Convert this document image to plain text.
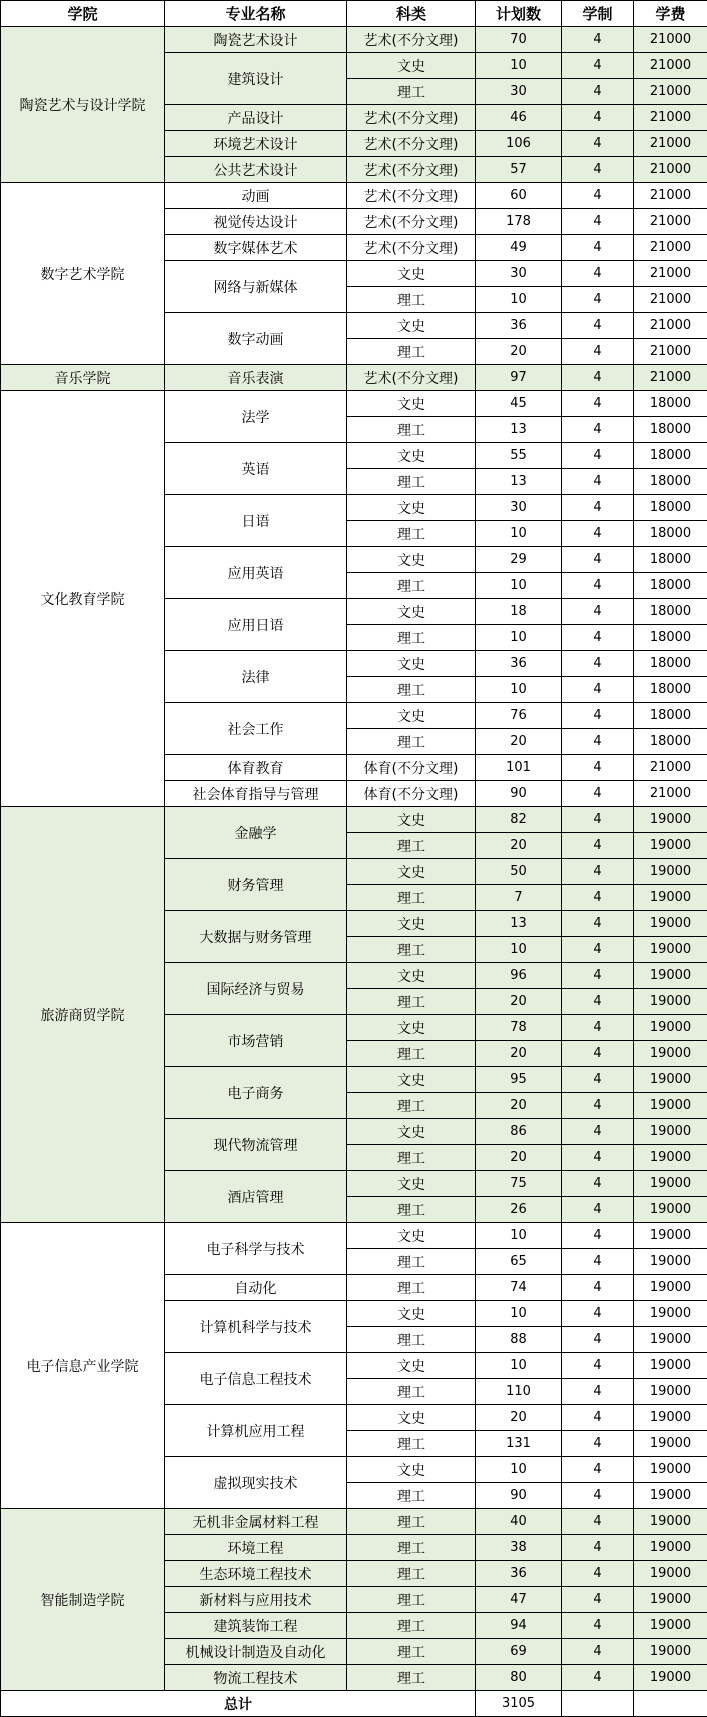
学院	专业名称	科类	计划数	学制	学费
陶瓷艺术与设计学院	陶瓷艺术设计	艺术(不分文理)	70	4	21000
	建筑设计	文史	10	4	21000
		理工	30	4	21000
	产品设计	艺术(不分文理)	46	4	21000
	环境艺术设计	艺术(不分文理)	106	4	21000
	公共艺术设计	艺术(不分文理)	57	4	21000
数字艺术学院	动画	艺术(不分文理)	60	4	21000
	视觉传达设计	艺术(不分文理)	178	4	21000
	数字媒体艺术	艺术(不分文理)	49	4	21000
	网络与新媒体	文史	30	4	21000
		理工	10	4	21000
	数字动画	文史	36	4	21000
		理工	20	4	21000
音乐学院	音乐表演	艺术(不分文理)	97	4	21000
文化教育学院	法学	文史	45	4	18000
		理工	13	4	18000
	英语	文史	55	4	18000
		理工	13	4	18000
	日语	文史	30	4	18000
		理工	10	4	18000
	应用英语	文史	29	4	18000
		理工	10	4	18000
	应用日语	文史	18	4	18000
		理工	10	4	18000
	法律	文史	36	4	18000
		理工	10	4	18000
	社会工作	文史	76	4	18000
		理工	20	4	18000
	体育教育	体育(不分文理)	101	4	21000
	社会体育指导与管理	体育(不分文理)	90	4	21000
旅游商贸学院	金融学	文史	82	4	19000
		理工	20	4	19000
	财务管理	文史	50	4	19000
		理工	7	4	19000
	大数据与财务管理	文史	13	4	19000
		理工	10	4	19000
	国际经济与贸易	文史	96	4	19000
		理工	20	4	19000
	市场营销	文史	78	4	19000
		理工	20	4	19000
	电子商务	文史	95	4	19000
		理工	20	4	19000
	现代物流管理	文史	86	4	19000
		理工	20	4	19000
	酒店管理	文史	75	4	19000
		理工	26	4	19000
电子信息产业学院	电子科学与技术	文史	10	4	19000
		理工	65	4	19000
	自动化	理工	74	4	19000
	计算机科学与技术	文史	10	4	19000
		理工	88	4	19000
	电子信息工程技术	文史	10	4	19000
		理工	110	4	19000
	计算机应用工程	文史	20	4	19000
		理工	131	4	19000
	虚拟现实技术	文史	10	4	19000
		理工	90	4	19000
智能制造学院	无机非金属材料工程	理工	40	4	19000
	环境工程	理工	38	4	19000
	生态环境工程技术	理工	36	4	19000
	新材料与应用技术	理工	47	4	19000
	建筑装饰工程	理工	94	4	19000
	机械设计制造及自动化	理工	69	4	19000
	物流工程技术	理工	80	4	19000
总计			3105		
